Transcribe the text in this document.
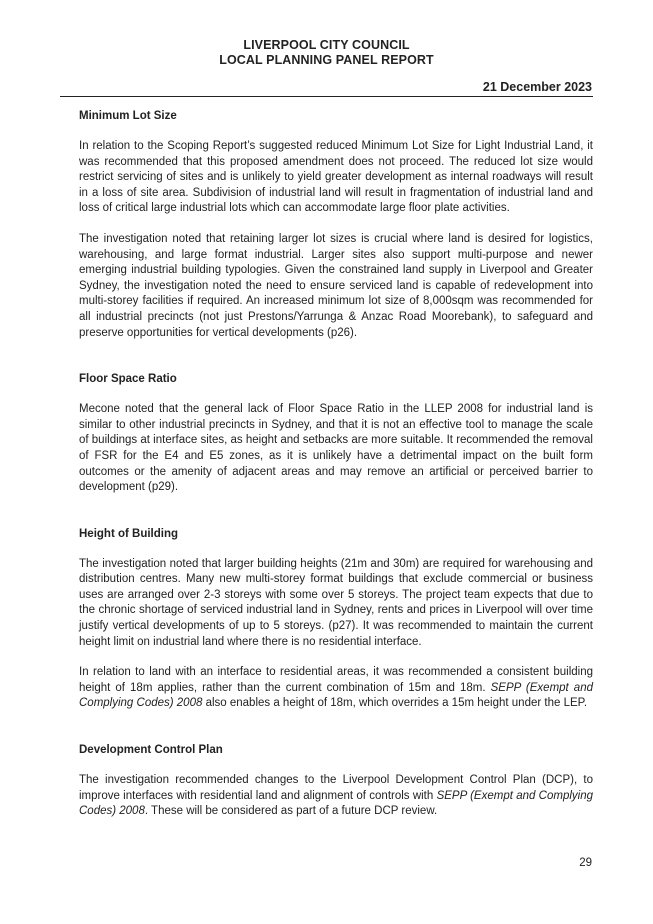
LIVERPOOL CITY COUNCIL
LOCAL PLANNING PANEL REPORT
21 December 2023
Minimum Lot Size

In relation to the Scoping Report’s suggested reduced Minimum Lot Size for Light Industrial Land, it was recommended that this proposed amendment does not proceed. The reduced lot size would restrict servicing of sites and is unlikely to yield greater development as internal roadways will result in a loss of site area. Subdivision of industrial land will result in fragmentation of industrial land and loss of critical large industrial lots which can accommodate large floor plate activities.

The investigation noted that retaining larger lot sizes is crucial where land is desired for logistics, warehousing, and large format industrial. Larger sites also support multi-purpose and newer emerging industrial building typologies. Given the constrained land supply in Liverpool and Greater Sydney, the investigation noted the need to ensure serviced land is capable of redevelopment into multi-storey facilities if required. An increased minimum lot size of 8,000sqm was recommended for all industrial precincts (not just Prestons/Yarrunga & Anzac Road Moorebank), to safeguard and preserve opportunities for vertical developments (p26).

Floor Space Ratio

Mecone noted that the general lack of Floor Space Ratio in the LLEP 2008 for industrial land is similar to other industrial precincts in Sydney, and that it is not an effective tool to manage the scale of buildings at interface sites, as height and setbacks are more suitable. It recommended the removal of FSR for the E4 and E5 zones, as it is unlikely have a detrimental impact on the built form outcomes or the amenity of adjacent areas and may remove an artificial or perceived barrier to development (p29).

Height of Building

The investigation noted that larger building heights (21m and 30m) are required for warehousing and distribution centres. Many new multi-storey format buildings that exclude commercial or business uses are arranged over 2-3 storeys with some over 5 storeys. The project team expects that due to the chronic shortage of serviced industrial land in Sydney, rents and prices in Liverpool will over time justify vertical developments of up to 5 storeys. (p27). It was recommended to maintain the current height limit on industrial land where there is no residential interface.

In relation to land with an interface to residential areas, it was recommended a consistent building height of 18m applies, rather than the current combination of 15m and 18m. SEPP (Exempt and Complying Codes) 2008 also enables a height of 18m, which overrides a 15m height under the LEP.

Development Control Plan

The investigation recommended changes to the Liverpool Development Control Plan (DCP), to improve interfaces with residential land and alignment of controls with SEPP (Exempt and Complying Codes) 2008. These will be considered as part of a future DCP review.

29
